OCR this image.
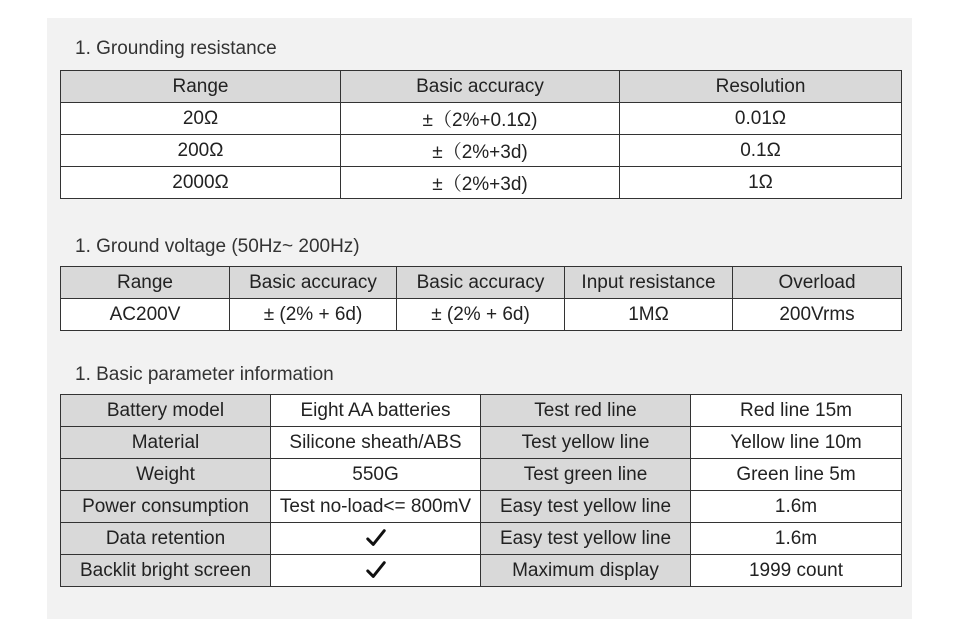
1. Grounding resistance
Range	Basic accuracy	Resolution
20Ω	±（2%+0.1Ω)	0.01Ω
200Ω	±（2%+3d)	0.1Ω
2000Ω	±（2%+3d)	1Ω
1. Ground voltage (50Hz~ 200Hz)
Range	Basic accuracy	Basic accuracy	Input resistance	Overload
AC200V	± (2% + 6d)	± (2% + 6d)	1MΩ	200Vrms
1. Basic parameter information
Battery model	Eight AA batteries	Test red line	Red line 15m
Material	Silicone sheath/ABS	Test yellow line	Yellow line 10m
Weight	550G	Test green line	Green line 5m
Power consumption	Test no-load<= 800mV	Easy test yellow line	1.6m
Data retention		Easy test yellow line	1.6m
Backlit bright screen		Maximum display	1999 count
